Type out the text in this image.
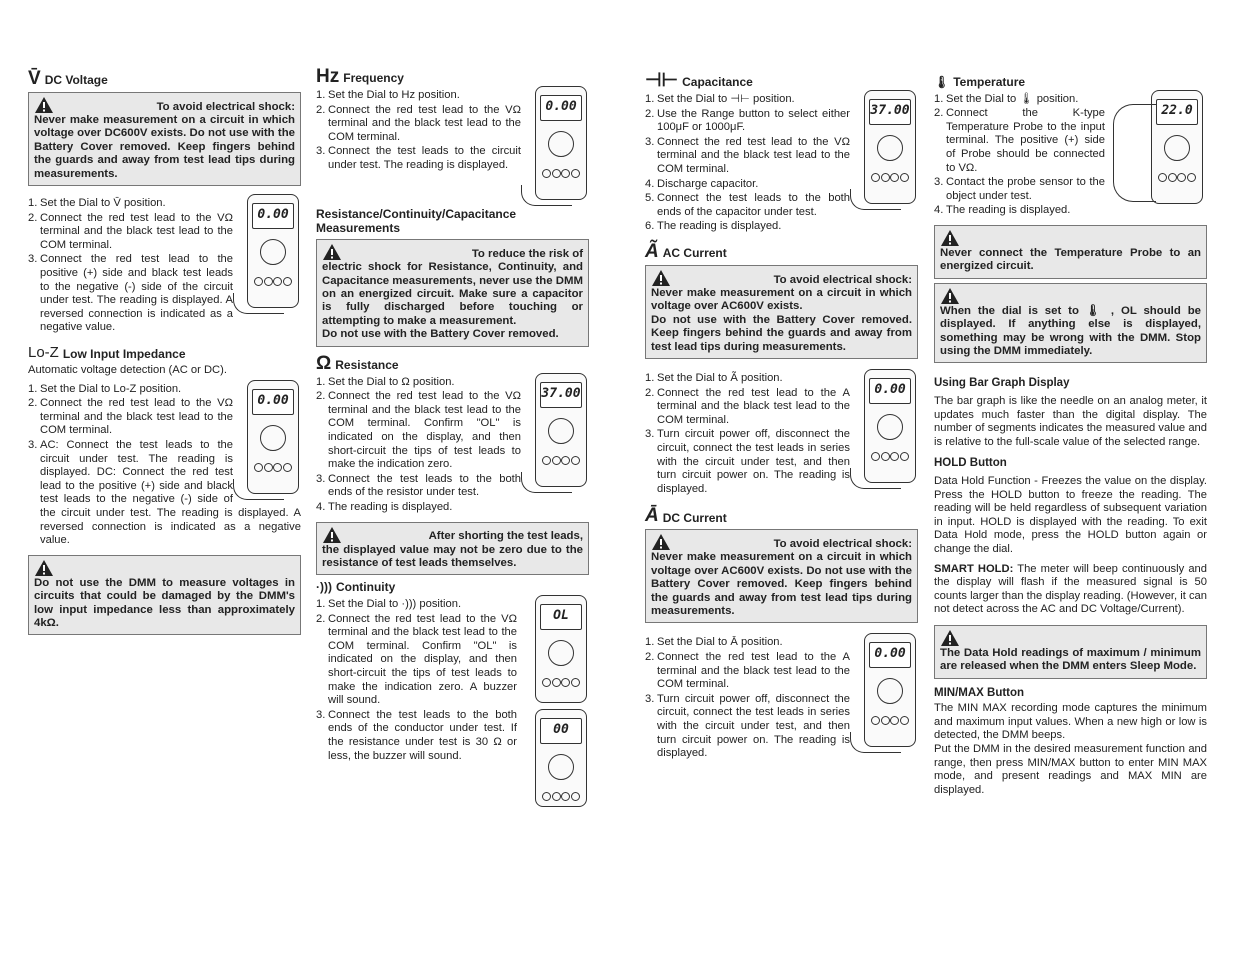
V̄ DC Voltage
To avoid electrical shock:

Never make measurement on a circuit in which voltage over DC600V exists. Do not use with the Battery Cover removed. Keep fingers behind the guards and away from test lead tips during measurements.

0.00
1. Set the Dial to V̄ position.
2. Connect the red test lead to the VΩ terminal and the black test lead to the COM terminal.
3. Connect the red test lead to the positive (+) side and black test leads to the negative (-) side of the circuit under test. The reading is displayed. A reversed connection is indicated as a negative value.
Lo-Z Low Input Impedance

Automatic voltage detection (AC or DC).

0.00
1. Set the Dial to Lo-Z position.
2. Connect the red test lead to the VΩ terminal and the black test lead to the COM terminal.
3. AC: Connect the test leads to the circuit under test. The reading is displayed. DC: Connect the red test lead to the positive (+) side and black test leads to the negative (-) side of the circuit under test. The reading is displayed. A reversed connection is indicated as a negative value.

Do not use the DMM to measure voltages in circuits that could be damaged by the DMM's low input impedance less than approximately 4kΩ.

Hz Frequency
0.00
1. Set the Dial to Hz position.
2. Connect the red test lead to the VΩ terminal and the black test lead to the COM terminal.
3. Connect the test leads to the circuit under test. The reading is displayed.
Resistance/Continuity/Capacitance Measurements
To reduce the risk of

electric shock for Resistance, Continuity, and Capacitance measurements, never use the DMM on an energized circuit. Make sure a capacitor is fully discharged before touching or attempting to make a measurement.

Do not use with the Battery Cover removed.

Ω Resistance
37.00
1. Set the Dial to Ω position.
2. Connect the red test lead to the VΩ terminal and the black test lead to the COM terminal. Confirm "OL" is indicated on the display, and then short-circuit the tips of test leads to make the indication zero.
3. Connect the test leads to the both ends of the resistor under test.
4. The reading is displayed.
After shorting the test leads,

the displayed value may not be zero due to the resistance of test leads themselves.

·))) Continuity
OL
00
1. Set the Dial to ·))) position.
2. Connect the red test lead to the VΩ terminal and the black test lead to the COM terminal. Confirm "OL" is indicated on the display, and then short-circuit the tips of test leads to make the indication zero. A buzzer will sound.
3. Connect the test leads to the both ends of the conductor under test. If the resistance under test is 30 Ω or less, the buzzer will sound.
⊣⊢ Capacitance
37.00
1. Set the Dial to ⊣⊢ position.
2. Use the Range button to select either 100μF or 1000μF.
3. Connect the red test lead to the VΩ terminal and the black test lead to the COM terminal.
4. Discharge capacitor.
5. Connect the test leads to the both ends of the capacitor under test.
6. The reading is displayed.
Ã AC Current
To avoid electrical shock:

Never make measurement on a circuit in which voltage over AC600V exists.

Do not use with the Battery Cover removed. Keep fingers behind the guards and away from test lead tips during measurements.

0.00
1. Set the Dial to Ã position.
2. Connect the red test lead to the A terminal and the black test lead to the COM terminal.
3. Turn circuit power off, disconnect the circuit, connect the test leads in series with the circuit under test, and then turn circuit power on. The reading is displayed.
Ā DC Current
To avoid electrical shock:

Never make measurement on a circuit in which voltage over AC600V exists. Do not use with the Battery Cover removed. Keep fingers behind the guards and away from test lead tips during measurements.

0.00
1. Set the Dial to Ā position.
2. Connect the red test lead to the A terminal and the black test lead to the COM terminal.
3. Turn circuit power off, disconnect the circuit, connect the test leads in series with the circuit under test, and then turn circuit power on. The reading is displayed.
🌡 Temperature
22.0
1. Set the Dial to 🌡 position.
2. Connect the K-type Temperature Probe to the input terminal. The positive (+) side of Probe should be connected to VΩ.
3. Contact the probe sensor to the object under test.
4. The reading is displayed.

Never connect the Temperature Probe to an energized circuit.

When the dial is set to 🌡 , OL should be displayed. If anything else is displayed, something may be wrong with the DMM. Stop using the DMM immediately.

Using Bar Graph Display

The bar graph is like the needle on an analog meter, it updates much faster than the digital display. The number of segments indicates the measured value and is relative to the full-scale value of the selected range.

HOLD Button

Data Hold Function - Freezes the value on the display. Press the HOLD button to freeze the reading. The reading will be held regardless of subsequent variation in input. HOLD is displayed with the reading. To exit Data Hold mode, press the HOLD button again or change the dial.

SMART HOLD: The meter will beep continuously and the display will flash if the measured signal is 50 counts larger than the display reading. (However, it can not detect across the AC and DC Voltage/Current).

The Data Hold readings of maximum / minimum are released when the DMM enters Sleep Mode.

MIN/MAX Button

The MIN MAX recording mode captures the minimum and maximum input values. When a new high or low is detected, the DMM beeps.

Put the DMM in the desired measurement function and range, then press MIN/MAX button to enter MIN MAX mode, and present readings and MAX MIN are displayed.
